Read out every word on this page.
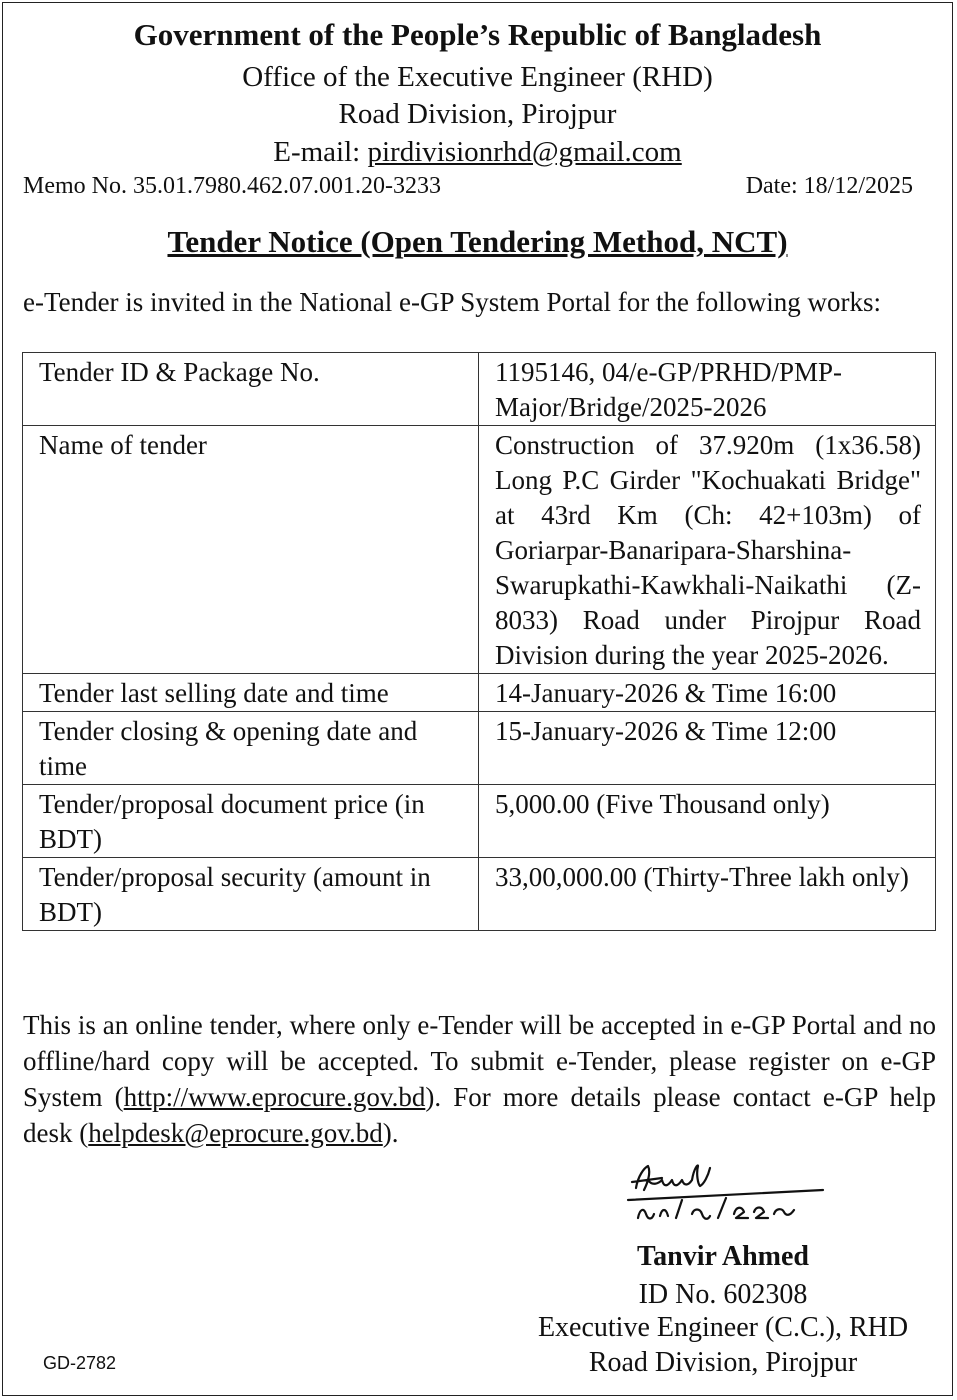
Government of the People’s Republic of Bangladesh
Office of the Executive Engineer (RHD)
Road Division, Pirojpur
E-mail: pirdivisionrhd@gmail.com
Memo No. 35.01.7980.462.07.001.20-3233	Date: 18/12/2025
Tender Notice (Open Tendering Method, NCT)
e-Tender is invited in the National e-GP System Portal for the following works:
Tender ID & Package No.	1195146, 04/e-GP/PRHD/PMP-Major/Bridge/2025-2026
Name of tender	Construction of 37.920m (1x36.58) Long P.C Girder "Kochuakati Bridge" at 43rd Km (Ch: 42+103m) of Goriarpar-Banaripara-Sharshina-Swarupkathi-Kawkhali-Naikathi (Z-8033) Road under Pirojpur Road Division during the year 2025-2026.
Tender last selling date and time	14-January-2026 & Time 16:00
Tender closing & opening date and time	15-January-2026 & Time 12:00
Tender/proposal document price (in BDT)	5,000.00 (Five Thousand only)
Tender/proposal security (amount in BDT)	33,00,000.00 (Thirty-Three lakh only)
This is an online tender, where only e-Tender will be accepted in e-GP Portal and no offline/hard copy will be accepted. To submit e-Tender, please register on e-GP System (http://www.eprocure.gov.bd). For more details please contact e-GP help desk (helpdesk@eprocure.gov.bd).
Tanvir Ahmed
ID No. 602308
Executive Engineer (C.C.), RHD
Road Division, Pirojpur
GD-2782
